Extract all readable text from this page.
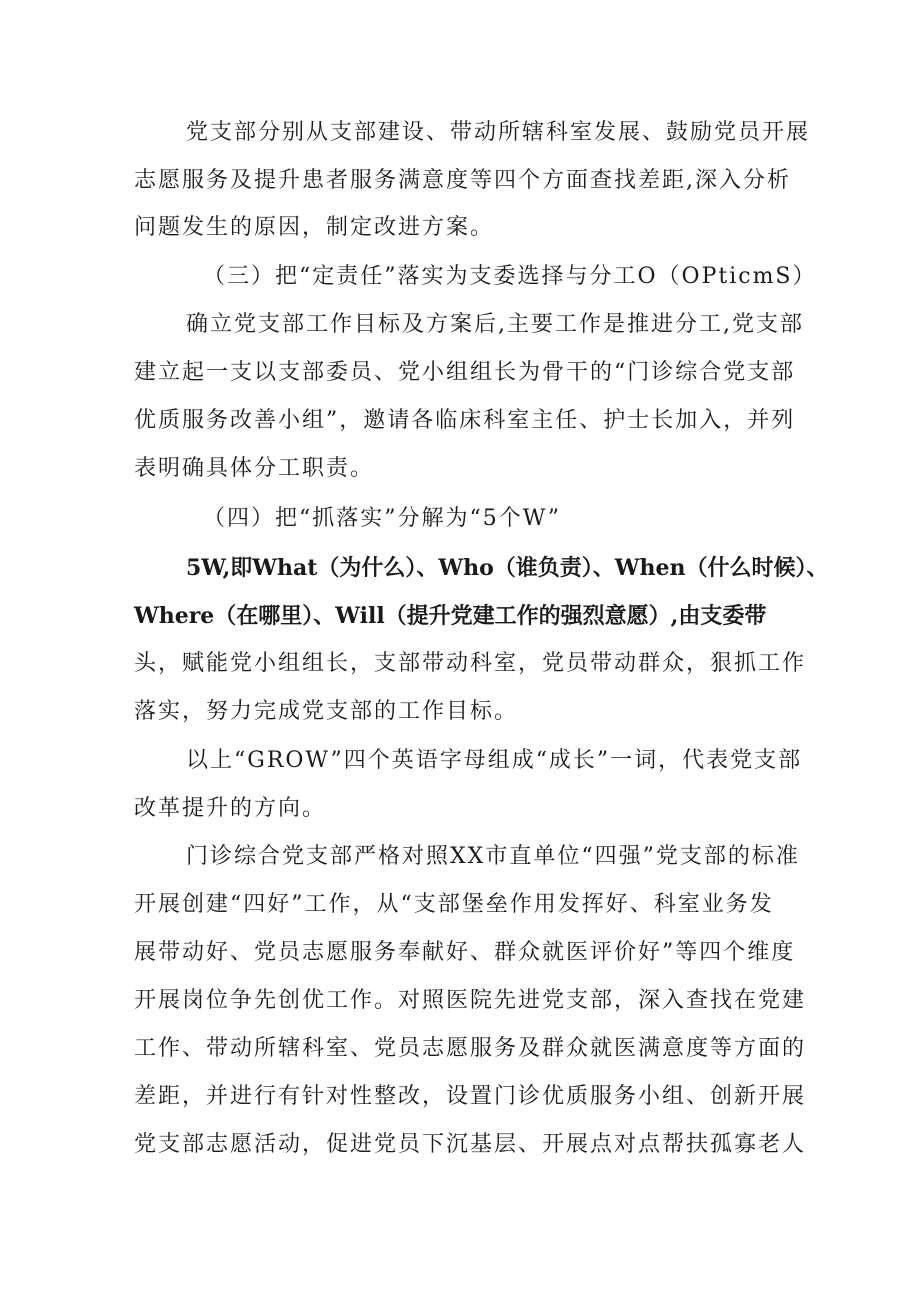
党支部分别从支部建设、带动所辖科室发展、鼓励党员开展
志愿服务及提升患者服务满意度等四个方面查找差距,深入分析
问题发生的原因，制定改进方案。
（三）把“定责任”落实为支委选择与分工O（OPticmS）
确立党支部工作目标及方案后,主要工作是推进分工,党支部
建立起一支以支部委员、党小组组长为骨干的“门诊综合党支部
优质服务改善小组”，邀请各临床科室主任、护士长加入，并列
表明确具体分工职责。
（四）把“抓落实”分解为“5个W”
5W,即What（为什么）、Who（谁负责）、When（什么时候）、
Where（在哪里）、Will（提升党建工作的强烈意愿）,由支委带
头，赋能党小组组长，支部带动科室，党员带动群众，狠抓工作
落实，努力完成党支部的工作目标。
以上“GROW”四个英语字母组成“成长”一词，代表党支部
改革提升的方向。
门诊综合党支部严格对照XX市直单位“四强”党支部的标准
开展创建“四好”工作，从“支部堡垒作用发挥好、科室业务发
展带动好、党员志愿服务奉献好、群众就医评价好”等四个维度
开展岗位争先创优工作。对照医院先进党支部，深入查找在党建
工作、带动所辖科室、党员志愿服务及群众就医满意度等方面的
差距，并进行有针对性整改，设置门诊优质服务小组、创新开展
党支部志愿活动，促进党员下沉基层、开展点对点帮扶孤寡老人
